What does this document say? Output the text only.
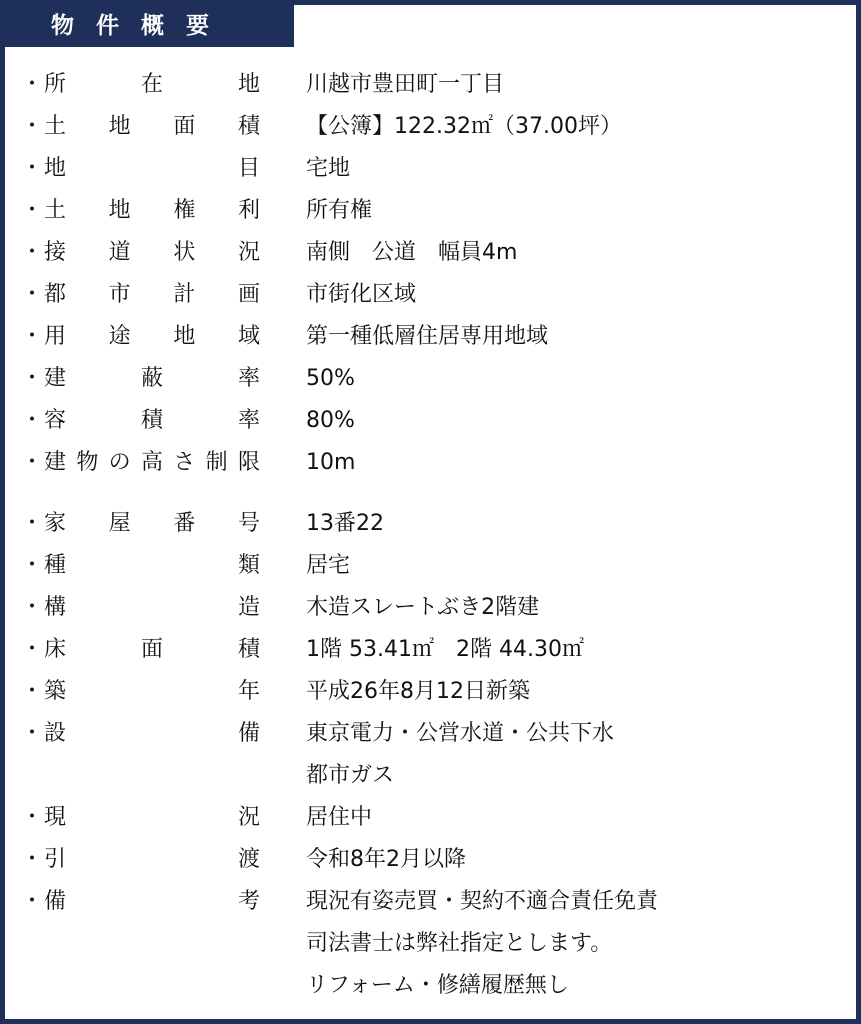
物件概要
・ 所	在	地 川越市豊田町一丁目
・ 土 地 面 積 【公簿】122.32㎡（37.00坪）
・ 地	目 宅地
・ 土 地 権 利 所有権
・ 接 道 状 況 南側　公道　幅員4m
・ 都 市 計 画 市街化区域
・ 用 途 地 域 第一種低層住居専用地域
・ 建	蔽	率 50%
・ 容	積	率 80%
・ 建 物 の 高 さ 制 限 10m
・ 家 屋 番 号 13番22
・ 種	類 居宅
・ 構	造 木造スレートぶき2階建
・ 床	面	積 1階 53.41㎡　2階 44.30㎡
・ 築	年 平成26年8月12日新築
・ 設	備 東京電力・公営水道・公共下水
都市ガス
・ 現	況 居住中
・ 引	渡 令和8年2月以降
・ 備	考 現況有姿売買・契約不適合責任免責
司法書士は弊社指定とします。
リフォーム・修繕履歴無し
